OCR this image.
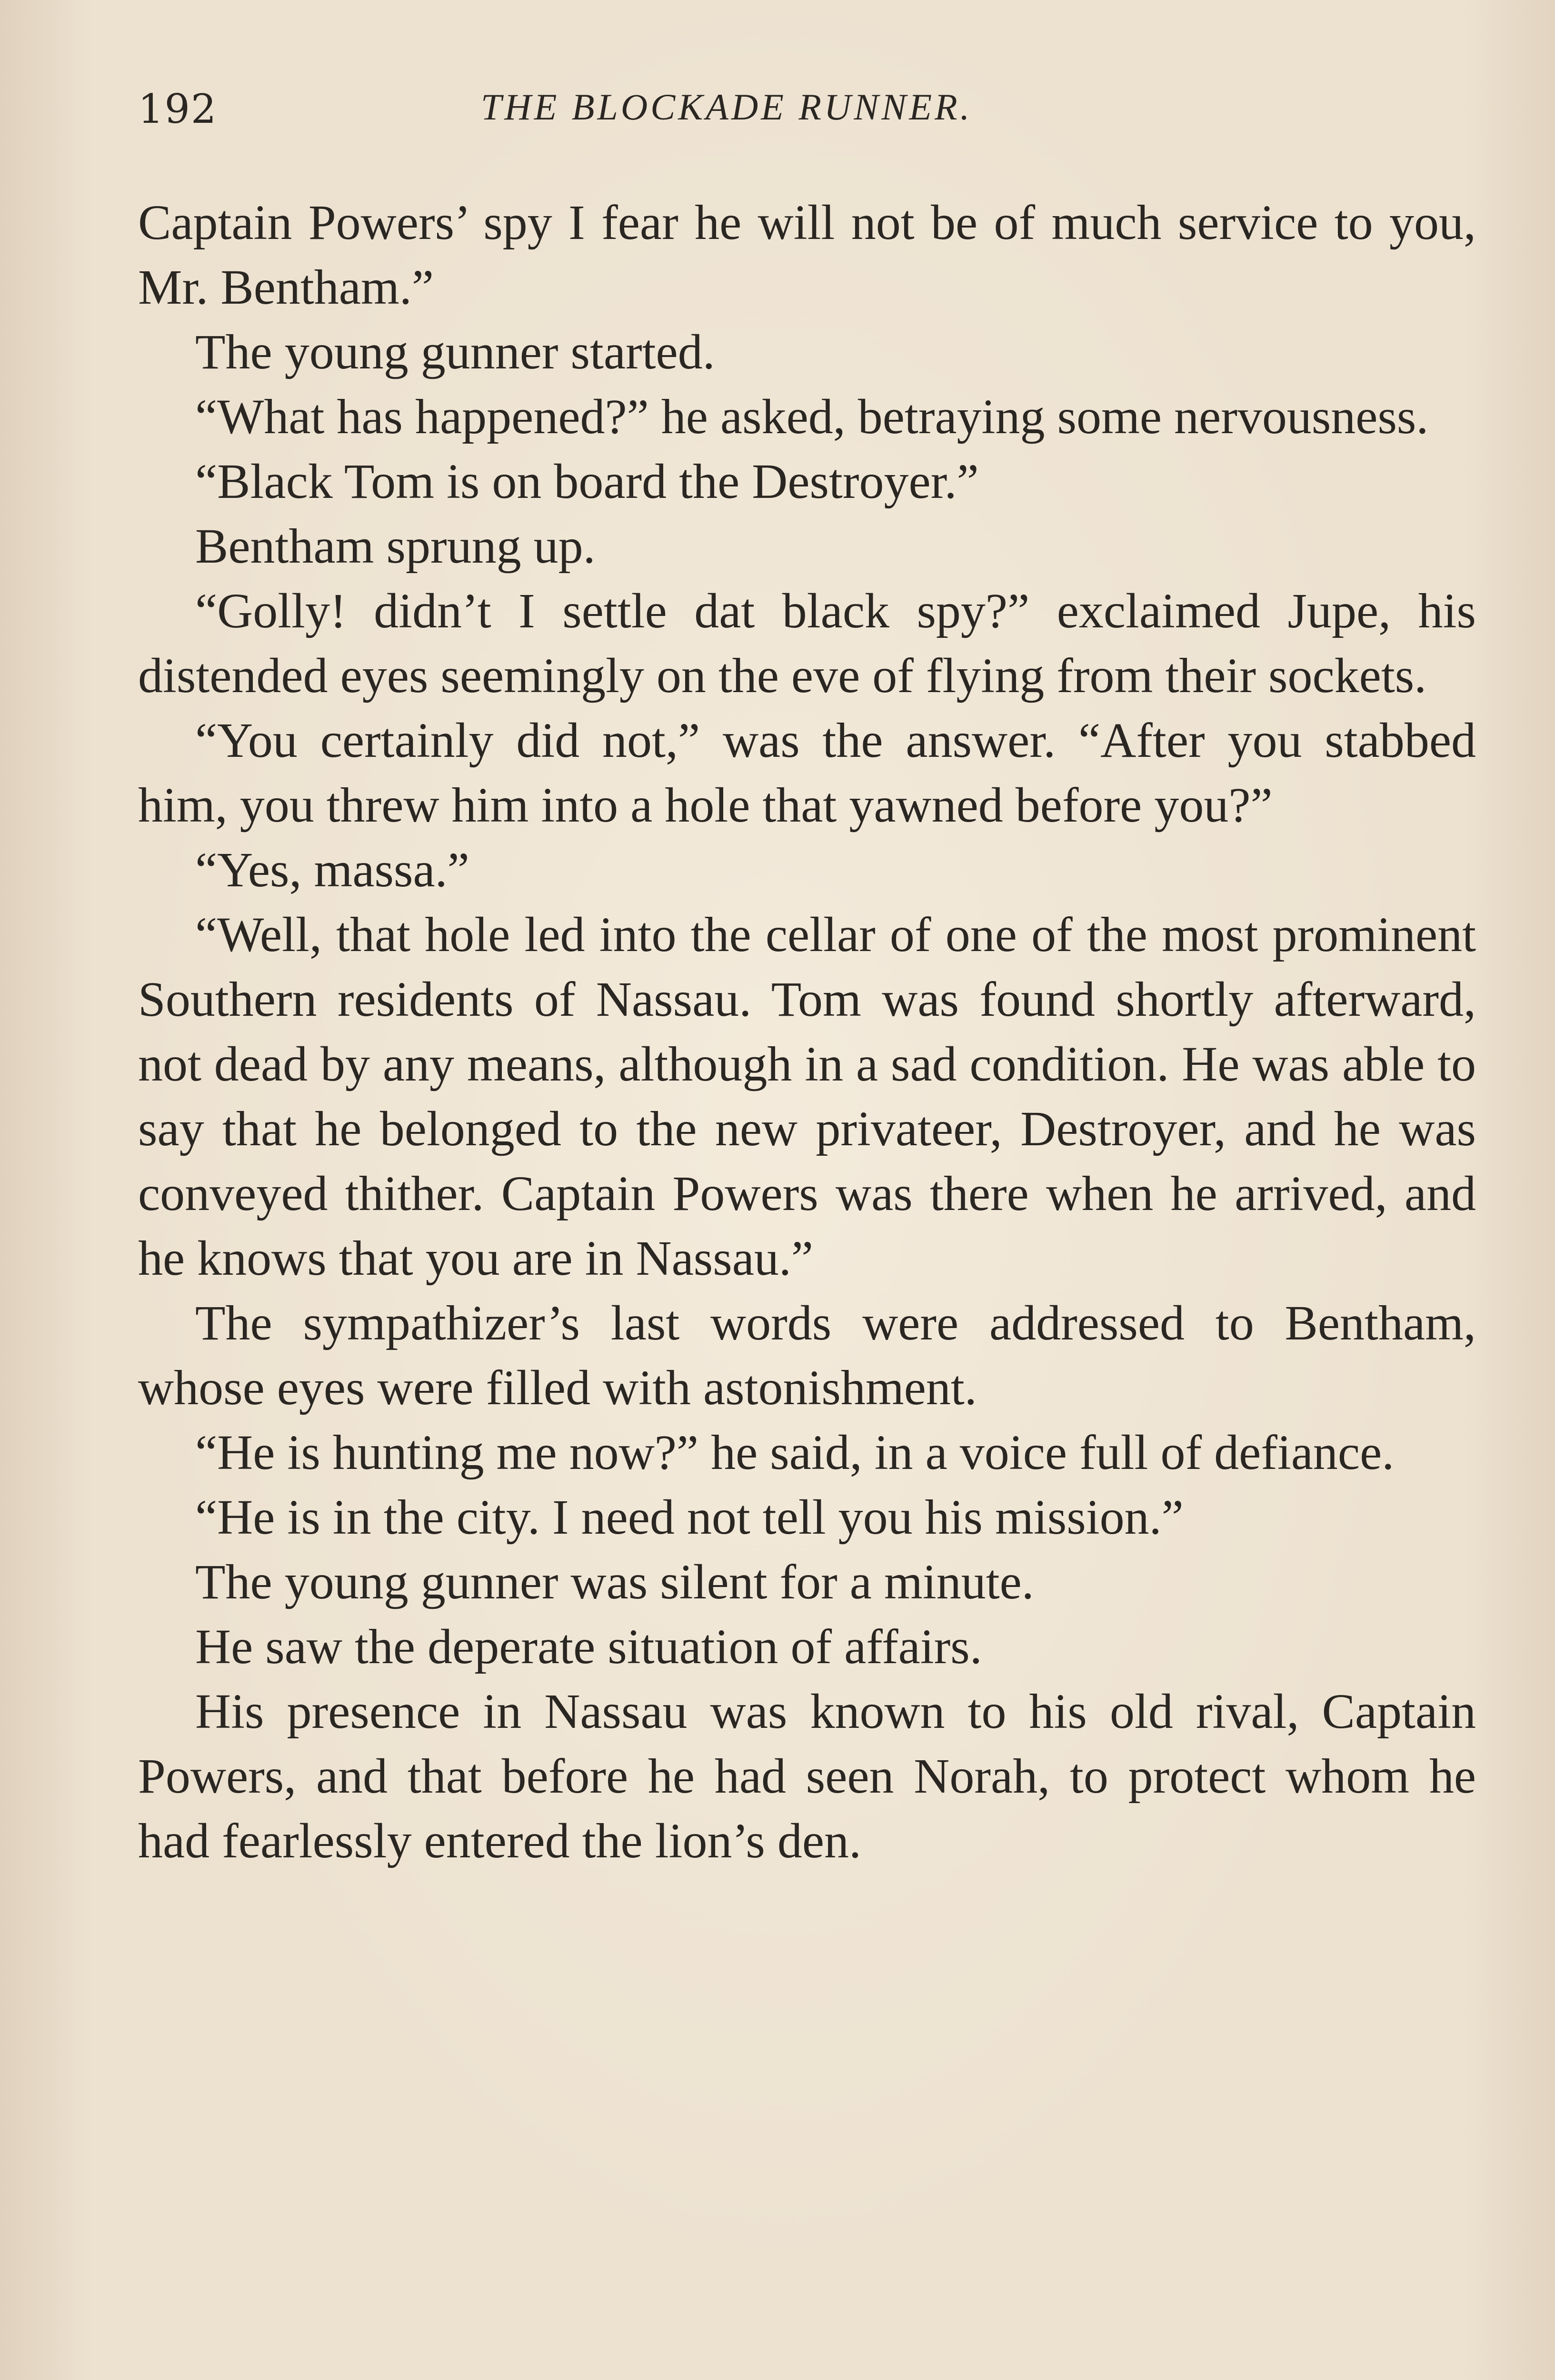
192	THE BLOCKADE RUNNER.

Captain Powers’ spy I fear he will not be of much service to you, Mr. Bentham.”

The young gunner started.

“What has happened?” he asked, betraying some nervousness.

“Black Tom is on board the Destroyer.”

Bentham sprung up.

“Golly! didn’t I settle dat black spy?” exclaimed Jupe, his distended eyes seemingly on the eve of flying from their sockets.

“You certainly did not,” was the answer. “After you stabbed him, you threw him into a hole that yawned before you?”

“Yes, massa.”

“Well, that hole led into the cellar of one of the most prominent Southern residents of Nassau. Tom was found shortly afterward, not dead by any means, although in a sad condition. He was able to say that he belonged to the new privateer, Destroyer, and he was conveyed thither. Captain Powers was there when he arrived, and he knows that you are in Nassau.”

The sympathizer’s last words were addressed to Bentham, whose eyes were filled with astonishment.

“He is hunting me now?” he said, in a voice full of defiance.

“He is in the city. I need not tell you his mission.”

The young gunner was silent for a minute.

He saw the deperate situation of affairs.

His presence in Nassau was known to his old rival, Captain Powers, and that before he had seen Norah, to protect whom he had fearlessly entered the lion’s den.
